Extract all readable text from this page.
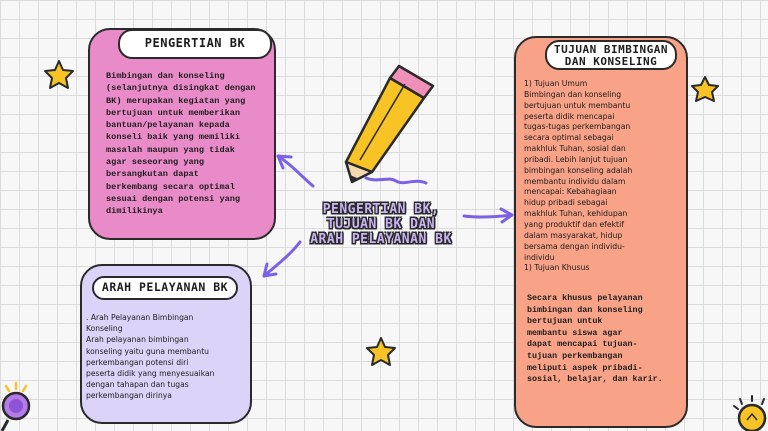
PENGERTIAN BK
Bimbingan dan konseling
(selanjutnya disingkat dengan
BK) merupakan kegiatan yang
bertujuan untuk memberikan
bantuan/pelayanan kepada
konseli baik yang memiliki
masalah maupun yang tidak
agar seseorang yang
bersangkutan dapat
berkembang secara optimal
sesuai dengan potensi yang
dimilikinya
ARAH PELAYANAN BK
. Arah Pelayanan Bimbingan
Konseling
Arah pelayanan bimbingan
konseling yaitu guna membantu
perkembangan potensi diri
peserta didik yang menyesuaikan
dengan tahapan dan tugas
perkembangan dirinya
TUJUAN BIMBINGAN
DAN KONSELING
1) Tujuan Umum
Bimbingan dan konseling
bertujuan untuk membantu
peserta didik mencapai
tugas-tugas perkembangan
secara optimal sebagai
makhluk Tuhan, sosial dan
pribadi. Lebih lanjut tujuan
bimbingan konseling adalah
membantu individu dalam
mencapai: Kebahagiaan
hidup pribadi sebagai
makhluk Tuhan, kehidupan
yang produktif dan efektif
dalam masyarakat, hidup
bersama dengan individu-
individu
1) Tujuan Khusus
Secara khusus pelayanan
bimbingan dan konseling
bertujuan untuk
membantu siswa agar
dapat mencapai tujuan-
tujuan perkembangan
meliputi aspek pribadi-
sosial, belajar, dan karir.
PENGERTIAN BK,
TUJUAN BK DAN
ARAH PELAYANAN BK
